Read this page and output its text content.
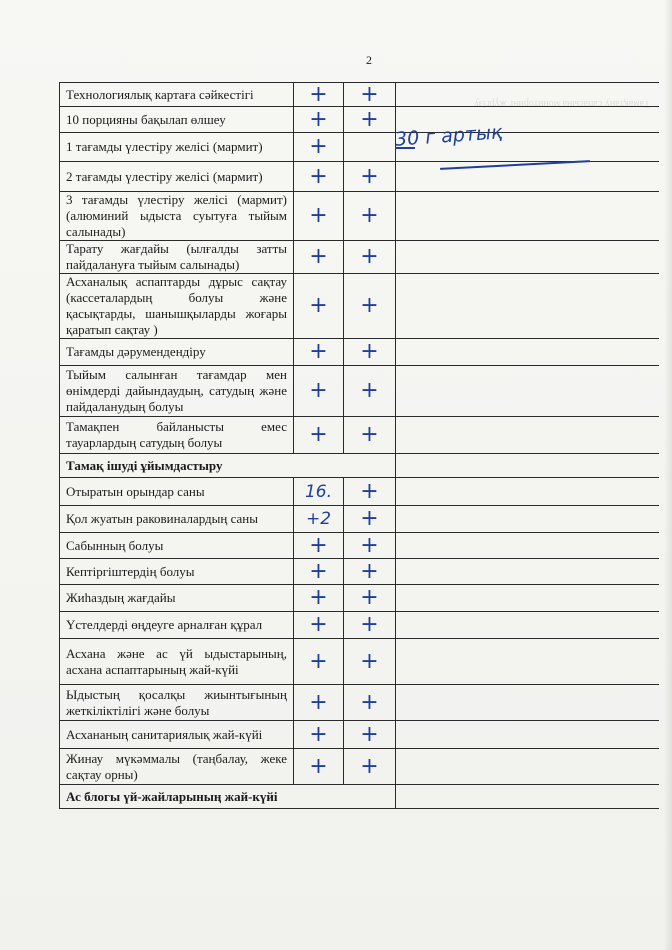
2
Тамақтану сапасына мониторинг жүргізу
Технологиялық картаға сәйкестігі	+	+	

10 порцияны бақылап өлшеу	+	+	

1 тағамды үлестіру желісі (мармит)	+		

2 тағамды үлестіру желісі (мармит)	+	+	

3 тағамды үлестіру желісі (мармит) (алюминий ыдыста суытуға тыйым салынады)	+	+	

Тарату жағдайы (ылғалды затты пайдалануға тыйым салынады)	+	+	

Асханалық аспаптарды дұрыс сақтау (кассеталардың болуы және қасықтарды, шанышқыларды жоғары қаратып сақтау )	+	+	

Тағамды дәрумендендіру	+	+	

Тыйым салынған тағамдар мен өнімдерді дайындаудың, сатудың және пайдаланудың болуы	+	+	

Тамақпен байланысты емес тауарлардың сатудың болуы	+	+	

Тамақ ішуді ұйымдастыру			
Отыратын орындар саны	16.	+	

Қол жуатын раковиналардың саны	+2	+	

Сабынның болуы	+	+	

Кептіргіштердің болуы	+	+	

Жиһаздың жағдайы	+	+	

Үстелдерді өңдеуге арналған құрал	+	+	

Асхана және ас үй ыдыстарының, асхана аспаптарының жай-күйі	+	+	

Ыдыстың қосалқы жиынтығының жеткіліктілігі және болуы	+	+	

Асхананың санитариялық жай-күйі	+	+	

Жинау мүкәммалы (таңбалау, жеке сақтау орны)	+	+	

Ас блогы үй-жайларының жай-күйі			
30 г артық
